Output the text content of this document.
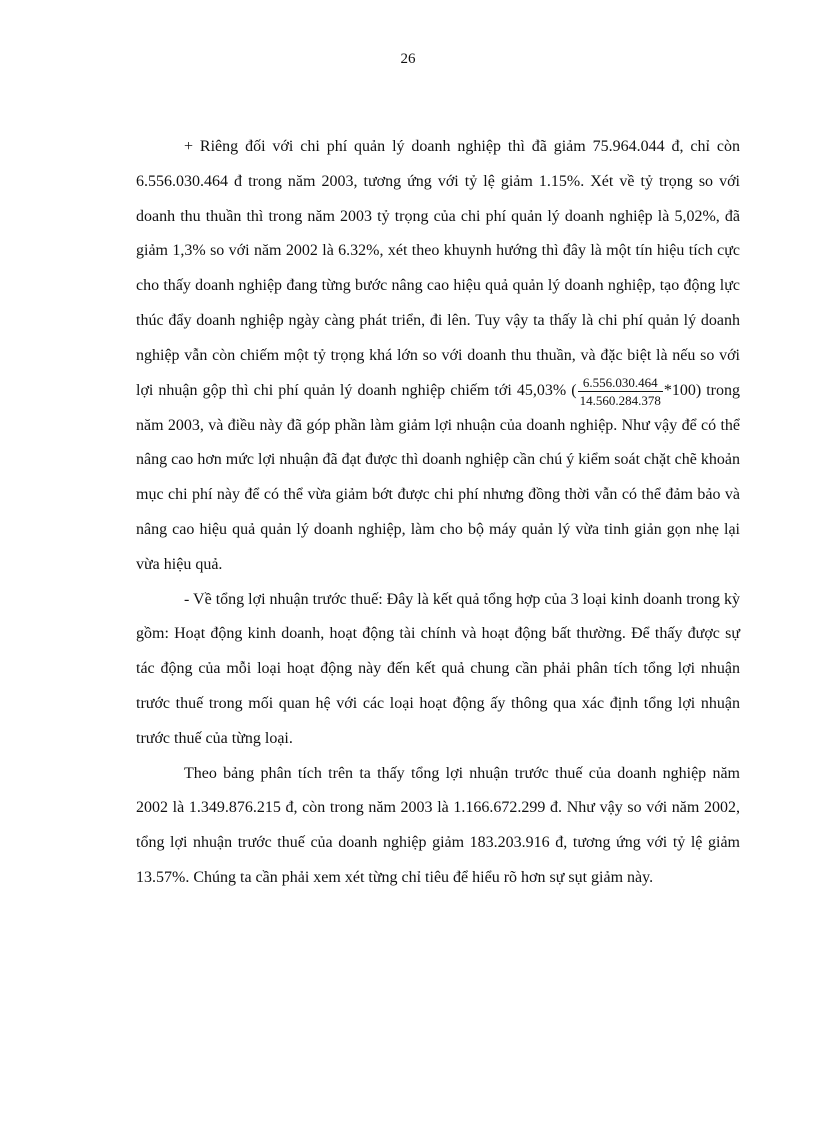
26

+ Riêng đối với chi phí quản lý doanh nghiệp thì đã giảm 75.964.044 đ, chỉ còn 6.556.030.464 đ trong năm 2003, tương ứng với tỷ lệ giảm 1.15%. Xét về tỷ trọng so với doanh thu thuần thì trong năm 2003 tỷ trọng của chi phí quản lý doanh nghiệp là 5,02%, đã giảm 1,3% so với năm 2002 là 6.32%, xét theo khuynh hướng thì đây là một tín hiệu tích cực cho thấy doanh nghiệp đang từng bước nâng cao hiệu quả quản lý doanh nghiệp, tạo động lực thúc đẩy doanh nghiệp ngày càng phát triển, đi lên. Tuy vậy ta thấy là chi phí quản lý doanh nghiệp vẫn còn chiếm một tỷ trọng khá lớn so với doanh thu thuần, và đặc biệt là nếu so với lợi nhuận gộp thì chi phí quản lý doanh nghiệp chiếm tới 45,03% ( $\frac{6.556.030.464}{14.560.284.378} *100$) trong năm 2003, và điều này đã góp phần làm giảm lợi nhuận của doanh nghiệp. Như vậy để có thể nâng cao hơn mức lợi nhuận đã đạt được thì doanh nghiệp cần chú ý kiểm soát chặt chẽ khoản mục chi phí này để có thể vừa giảm bớt được chi phí nhưng đồng thời vẫn có thể đảm bảo và nâng cao hiệu quả quản lý doanh nghiệp, làm cho bộ máy quản lý vừa tinh giản gọn nhẹ lại vừa hiệu quả.

- Về tổng lợi nhuận trước thuế: Đây là kết quả tổng hợp của 3 loại kinh doanh trong kỳ gồm: Hoạt động kinh doanh, hoạt động tài chính và hoạt động bất thường. Để thấy được sự tác động của mỗi loại hoạt động này đến kết quả chung cần phải phân tích tổng lợi nhuận trước thuế trong mối quan hệ với các loại hoạt động ấy thông qua xác định tổng lợi nhuận trước thuế của từng loại.

Theo bảng phân tích trên ta thấy tổng lợi nhuận trước thuế của doanh nghiệp năm 2002 là 1.349.876.215 đ, còn trong năm 2003 là 1.166.672.299 đ. Như vậy so với năm 2002, tổng lợi nhuận trước thuế của doanh nghiệp giảm 183.203.916 đ, tương ứng với tỷ lệ giảm 13.57%. Chúng ta cần phải xem xét từng chỉ tiêu để hiểu rõ hơn sự sụt giảm này.
